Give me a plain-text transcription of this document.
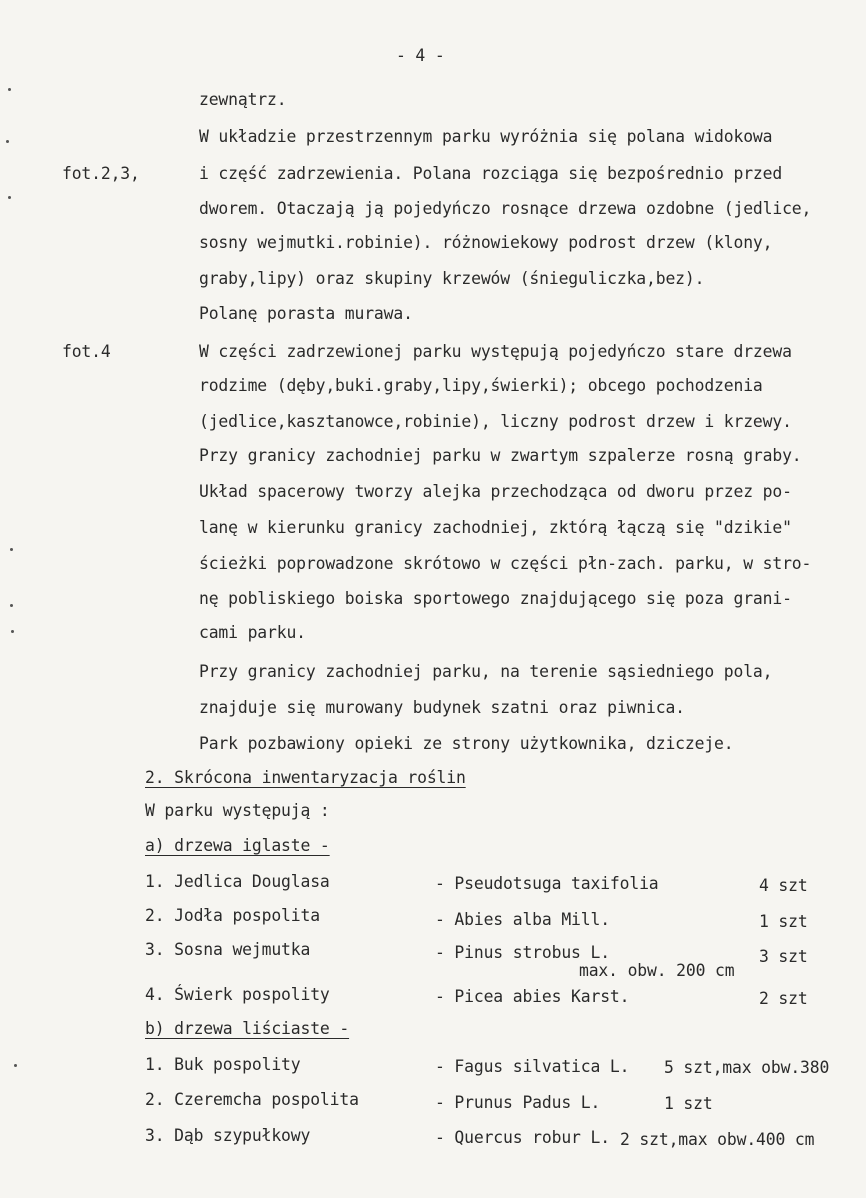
- 4 -
fot.2,3,
fot.4
zewnątrz.
W układzie przestrzennym parku wyróżnia się polana widokowa
i część zadrzewienia. Polana rozciąga się bezpośrednio przed
dworem. Otaczają ją pojedyńczo rosnące drzewa ozdobne (jedlice,
sosny wejmutki.robinie). różnowiekowy podrost drzew (klony,
graby,lipy) oraz skupiny krzewów (śnieguliczka,bez).
Polanę porasta murawa.
W części zadrzewionej parku występują pojedyńczo stare drzewa
rodzime (dęby,buki.graby,lipy,świerki); obcego pochodzenia
(jedlice,kasztanowce,robinie), liczny podrost drzew i krzewy.
Przy granicy zachodniej parku w zwartym szpalerze rosną graby.
Układ spacerowy tworzy alejka przechodząca od dworu przez po-
lanę w kierunku granicy zachodniej, zktórą łączą się "dzikie"
ścieżki poprowadzone skrótowo w części płn-zach. parku, w stro-
nę pobliskiego boiska sportowego znajdującego się poza grani-
cami parku.
Przy granicy zachodniej parku, na terenie sąsiedniego pola,
znajduje się murowany budynek szatni oraz piwnica.
Park pozbawiony opieki ze strony użytkownika, dziczeje.
2. Skrócona inwentaryzacja roślin
W parku występują :
a) drzewa iglaste -
1. Jedlica Douglasa	- Pseudotsuga taxifolia	4 szt
2. Jodła pospolita	- Abies alba Mill.	1 szt
3. Sosna wejmutka	- Pinus strobus L.	3 szt
max. obw. 200 cm
4. Świerk pospolity	- Picea abies Karst.	2 szt
b) drzewa liściaste -
1. Buk pospolity	- Fagus silvatica L. 5 szt,max obw.380
2. Czeremcha pospolita	- Prunus Padus L.	1 szt
3. Dąb szypułkowy	- Quercus robur L. 2 szt,max obw.400 cm
